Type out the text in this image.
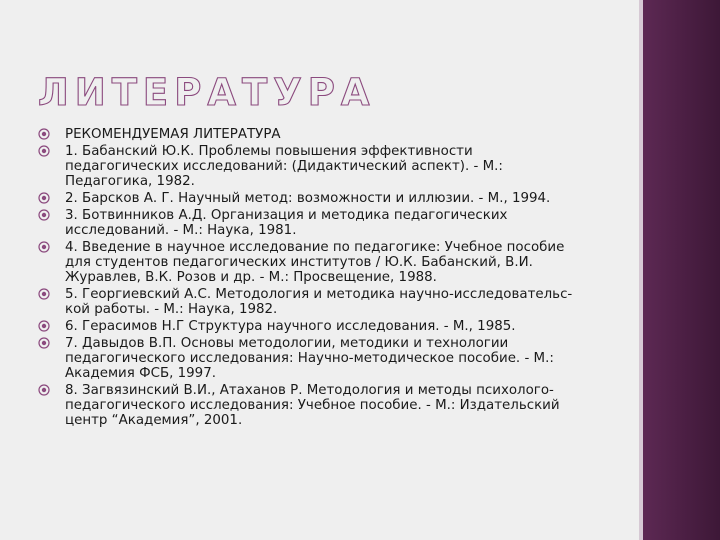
ЛИТЕРАТУРА
РЕКОМЕНДУЕМАЯ ЛИТЕРАТУРА
1. Бабанский Ю.К. Проблемы повышения эффективности
педагогических исследований: (Дидактический аспект). - М.:
Педагогика, 1982.
2. Барсков А. Г. Научный метод: возможности и иллюзии. - М., 1994.
3. Ботвинников А.Д. Организация и методика педагогических
исследований. - М.: Наука, 1981.
4. Введение в научное исследование по педагогике: Учебное пособие
для студентов педагогических институтов / Ю.К. Бабанский, В.И.
Журавлев, В.К. Розов и др. - М.: Просвещение, 1988.
5. Георгиевский А.С. Методология и методика научно-исследовательс-
кой работы. - М.: Наука, 1982.
6. Герасимов Н.Г Структура научного исследования. - М., 1985.
7. Давыдов В.П. Основы методологии, методики и технологии
педагогического исследования: Научно-методическое пособие. - М.:
Академия ФСБ, 1997.
8. Загвязинский В.И., Атаханов Р. Методология и методы психолого-
педагогического исследования: Учебное пособие. - М.: Издательский
центр “Академия”, 2001.
